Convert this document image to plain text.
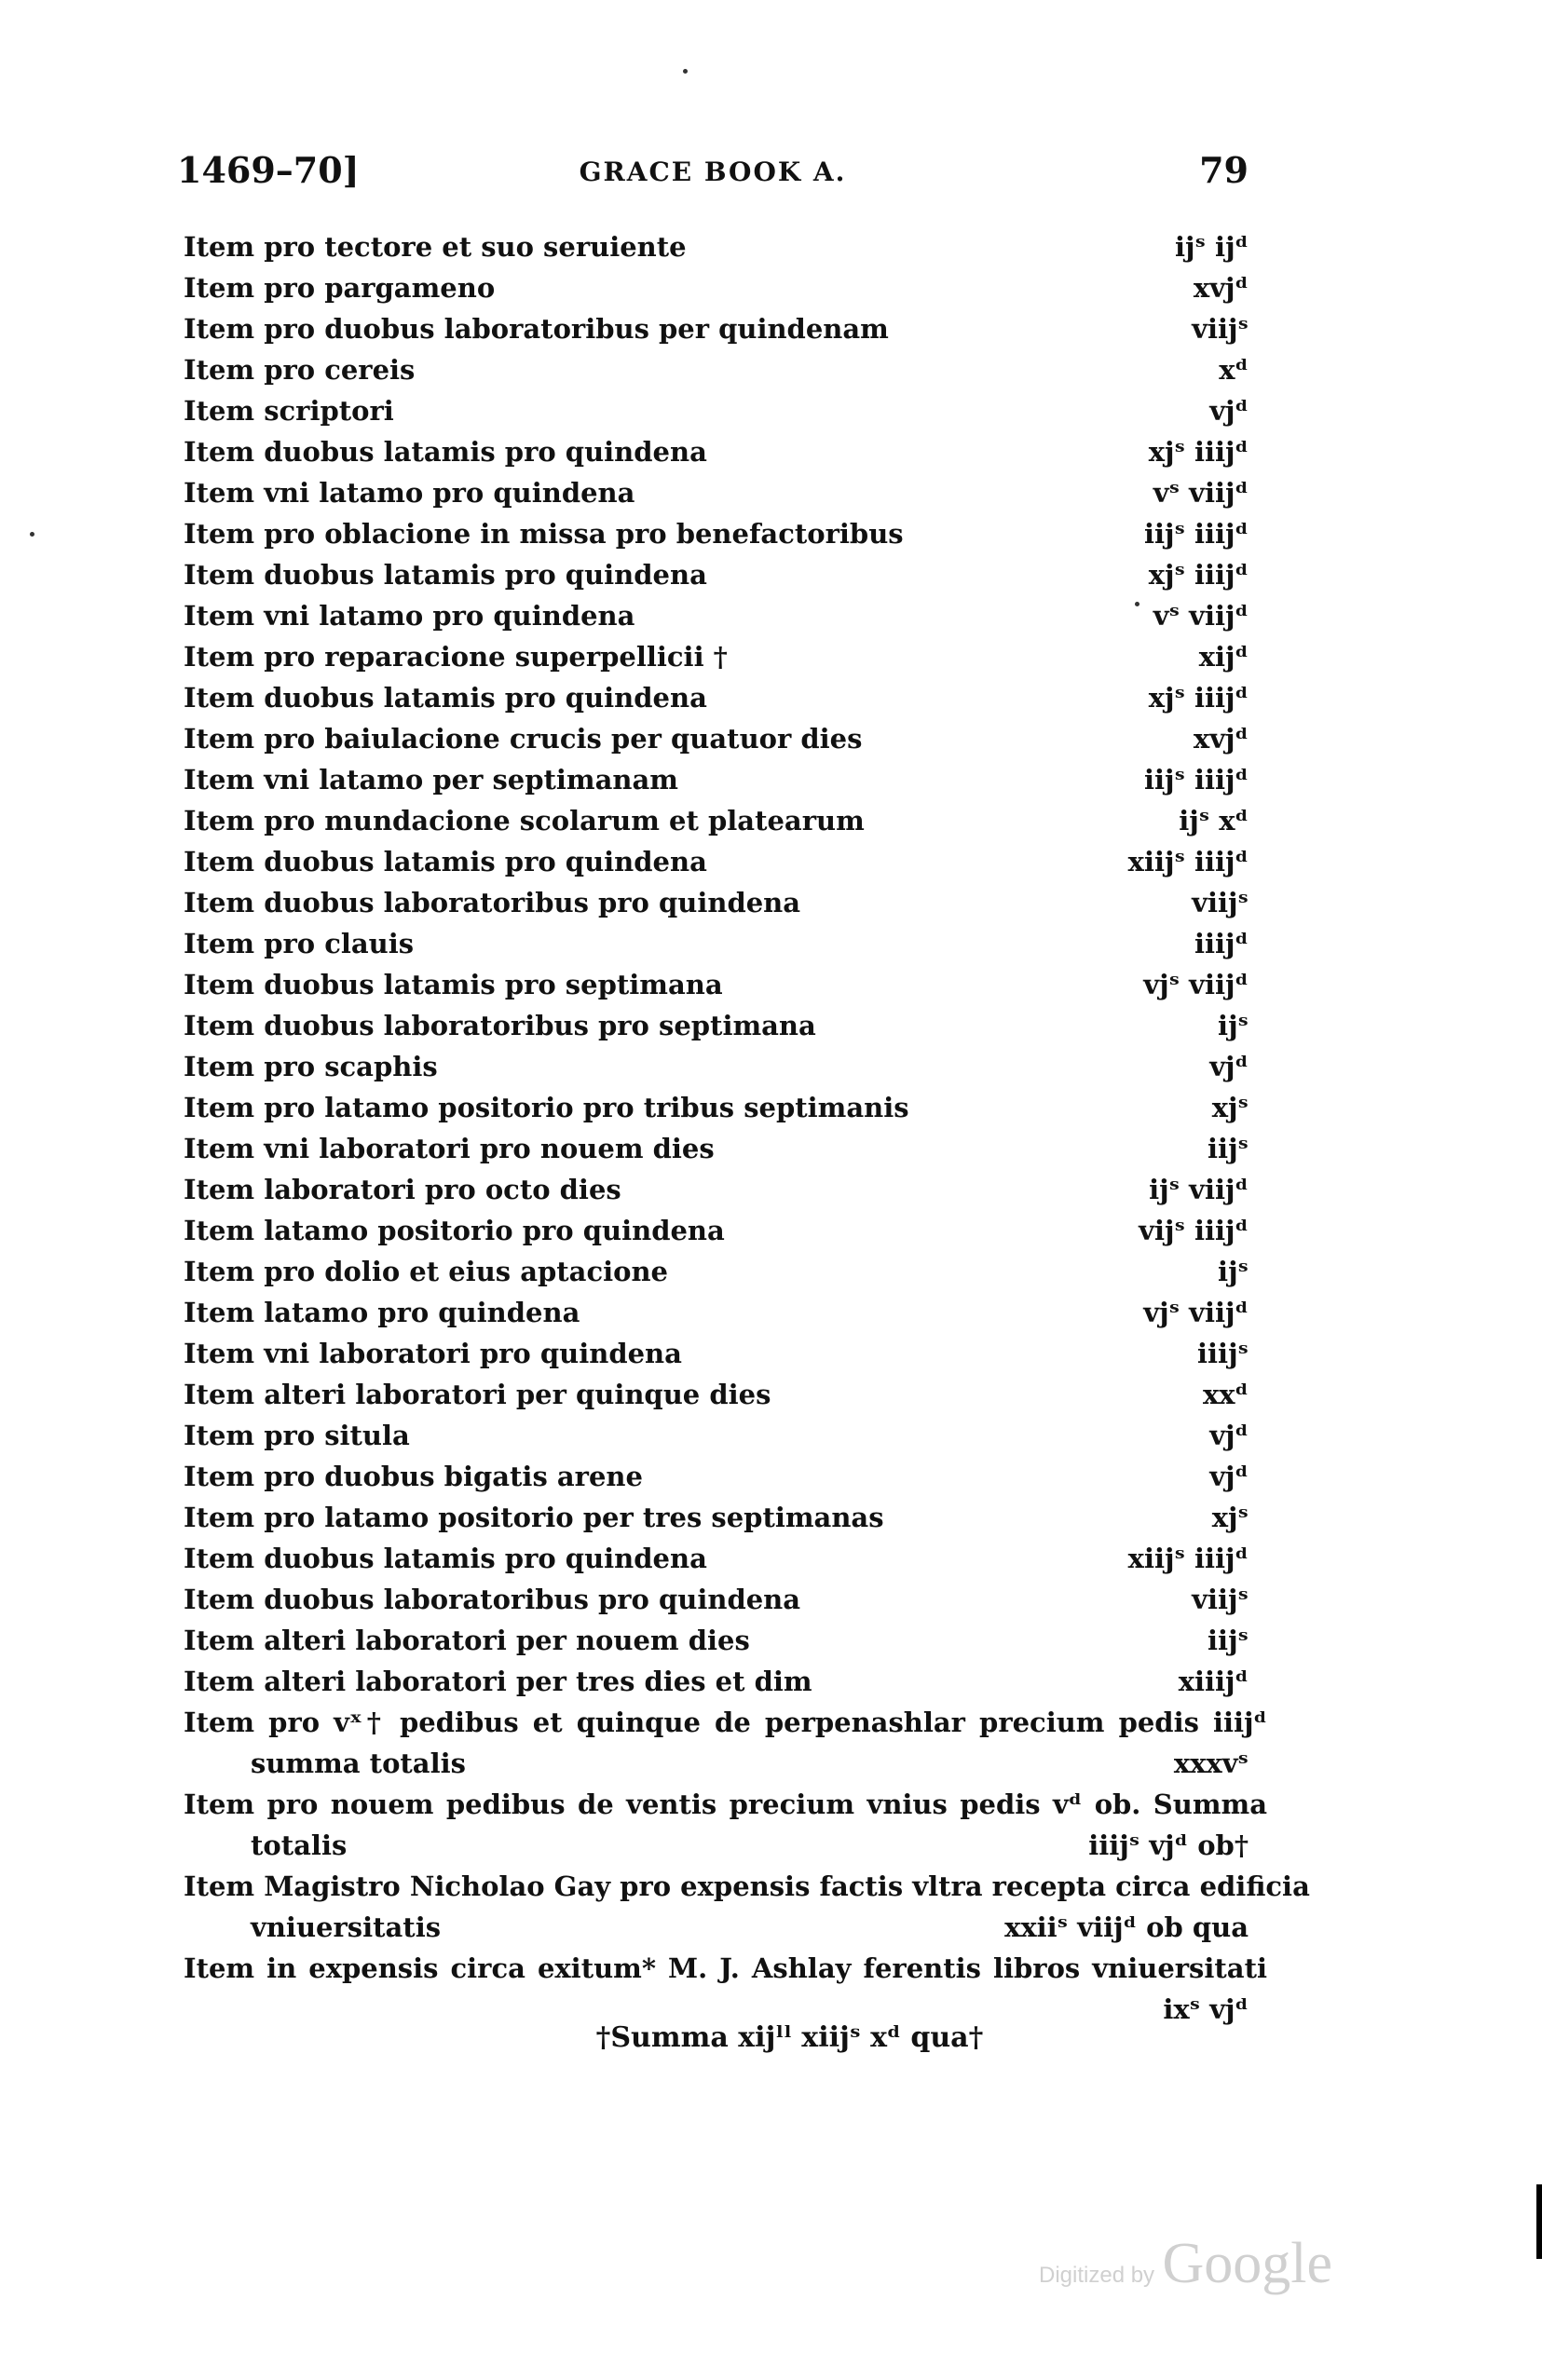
1469–70]	GRACE BOOK A.	79
Item pro tectore et suo seruiente	ijˢ ijᵈ
Item pro pargameno	xvjᵈ
Item pro duobus laboratoribus per quindenam	viijˢ
Item pro cereis	xᵈ
Item scriptori	vjᵈ
Item duobus latamis pro quindena	xjˢ iiijᵈ
Item vni latamo pro quindena	vˢ viijᵈ
Item pro oblacione in missa pro benefactoribus	iijˢ iiijᵈ
Item duobus latamis pro quindena	xjˢ iiijᵈ
Item vni latamo pro quindena	vˢ viijᵈ
Item pro reparacione superpellicii †	xijᵈ
Item duobus latamis pro quindena	xjˢ iiijᵈ
Item pro baiulacione crucis per quatuor dies	xvjᵈ
Item vni latamo per septimanam	iijˢ iiijᵈ
Item pro mundacione scolarum et platearum	ijˢ xᵈ
Item duobus latamis pro quindena	xiijˢ iiijᵈ
Item duobus laboratoribus pro quindena	viijˢ
Item pro clauis	iiijᵈ
Item duobus latamis pro septimana	vjˢ viijᵈ
Item duobus laboratoribus pro septimana	ijˢ
Item pro scaphis	vjᵈ
Item pro latamo positorio pro tribus septimanis	xjˢ
Item vni laboratori pro nouem dies	iijˢ
Item laboratori pro octo dies	ijˢ viijᵈ
Item latamo positorio pro quindena	vijˢ iiijᵈ
Item pro dolio et eius aptacione	ijˢ
Item latamo pro quindena	vjˢ viijᵈ
Item vni laboratori pro quindena	iiijˢ
Item alteri laboratori per quinque dies	xxᵈ
Item pro situla	vjᵈ
Item pro duobus bigatis arene	vjᵈ
Item pro latamo positorio per tres septimanas	xjˢ
Item duobus latamis pro quindena	xiijˢ iiijᵈ
Item duobus laboratoribus pro quindena	viijˢ
Item alteri laboratori per nouem dies	iijˢ
Item alteri laboratori per tres dies et dim	xiiijᵈ
Item pro vˣ† pedibus et quinque de perpenashlar precium pedis iiijᵈ
summa totalis	xxxvˢ
Item pro nouem pedibus de ventis precium vnius pedis vᵈ ob. Summa
totalis	iiijˢ vjᵈ ob†
Item Magistro Nicholao Gay pro expensis factis vltra recepta circa edificia
vniuersitatis	xxiiˢ viijᵈ ob qua
Item in expensis circa exitum* M. J. Ashlay ferentis libros vniuersitati
ixˢ vjᵈ
†Summa xijˡˡ xiijˢ xᵈ qua†
Digitized by Google
